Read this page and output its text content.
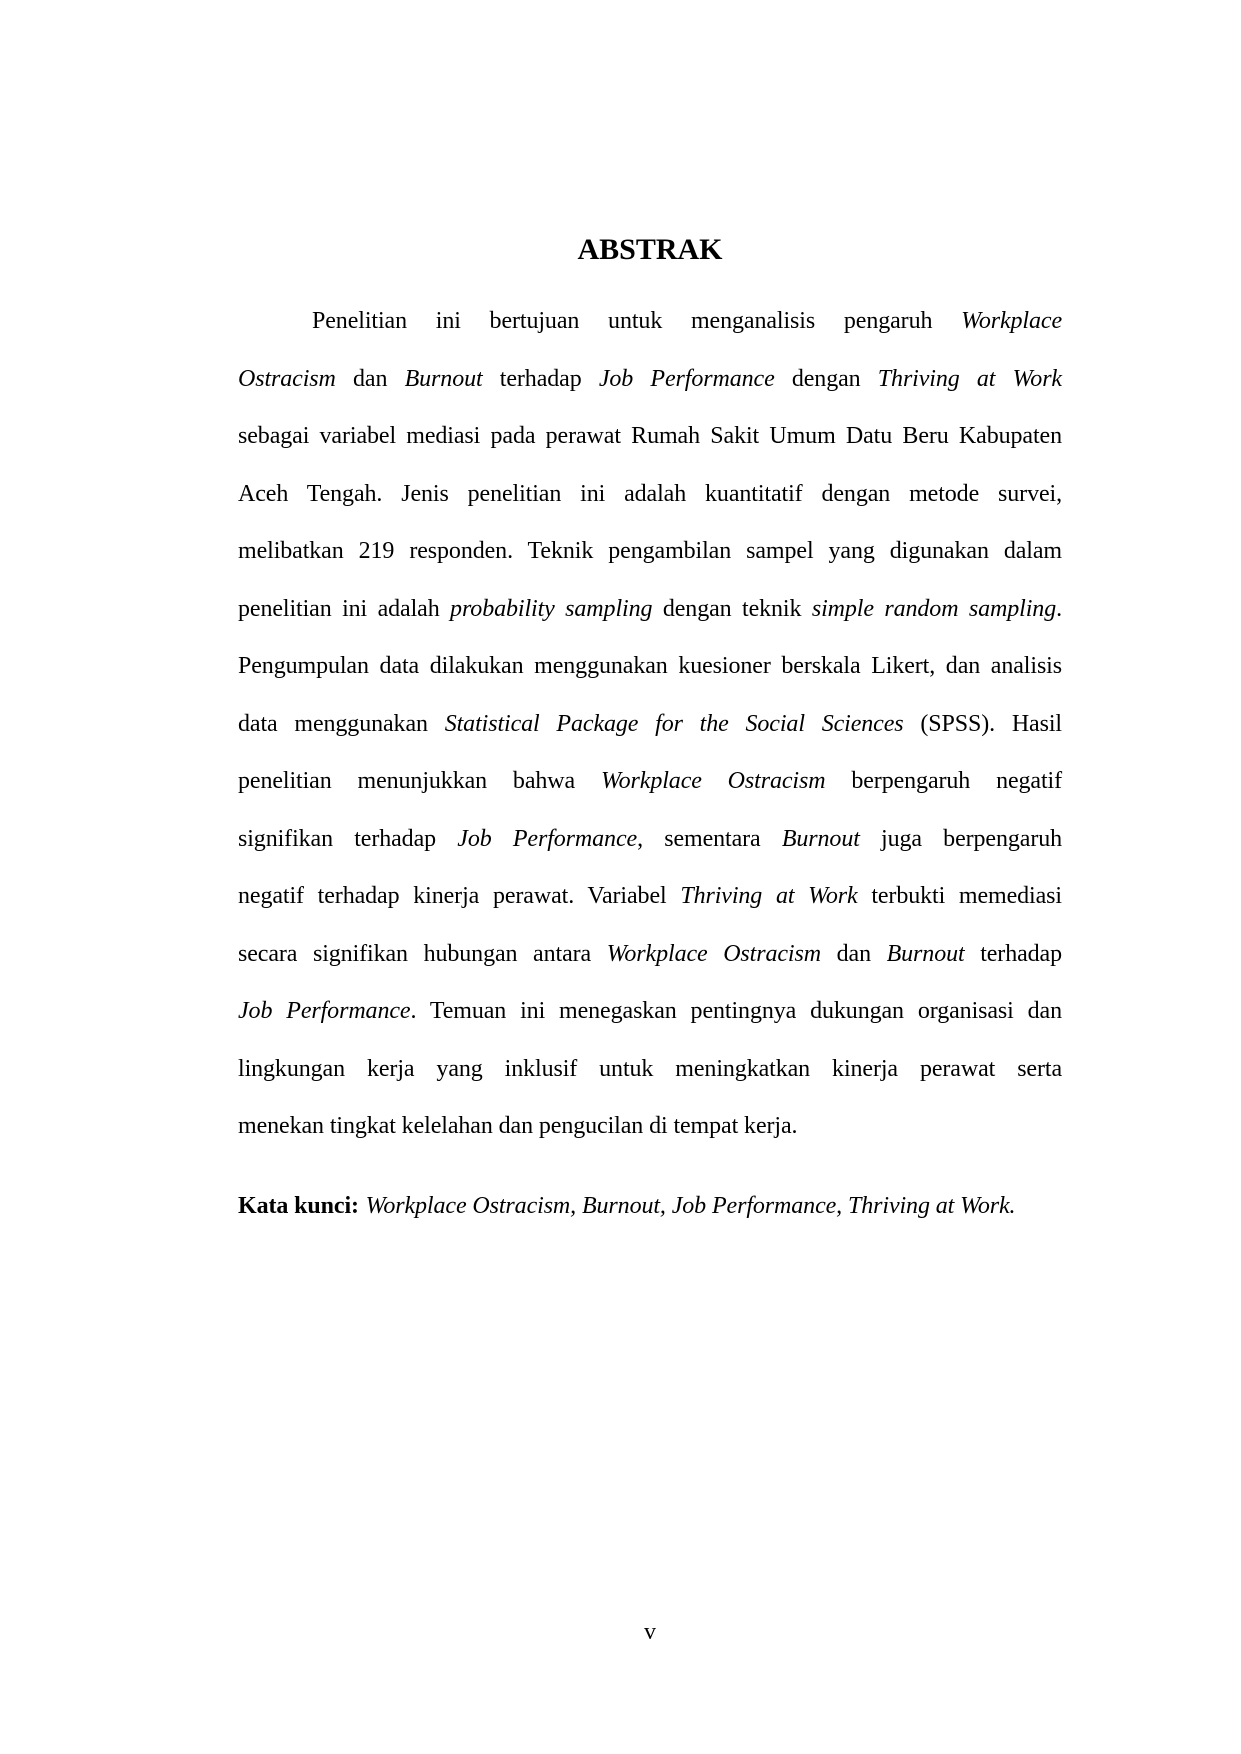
ABSTRAK
Penelitian ini bertujuan untuk menganalisis pengaruh Workplace
Ostracism dan Burnout terhadap Job Performance dengan Thriving at Work
sebagai variabel mediasi pada perawat Rumah Sakit Umum Datu Beru Kabupaten
Aceh Tengah. Jenis penelitian ini adalah kuantitatif dengan metode survei,
melibatkan 219 responden. Teknik pengambilan sampel yang digunakan dalam
penelitian ini adalah probability sampling dengan teknik simple random sampling.
Pengumpulan data dilakukan menggunakan kuesioner berskala Likert, dan analisis
data menggunakan Statistical Package for the Social Sciences (SPSS). Hasil
penelitian menunjukkan bahwa Workplace Ostracism berpengaruh negatif
signifikan terhadap Job Performance, sementara Burnout juga berpengaruh
negatif terhadap kinerja perawat. Variabel Thriving at Work terbukti memediasi
secara signifikan hubungan antara Workplace Ostracism dan Burnout terhadap
Job Performance. Temuan ini menegaskan pentingnya dukungan organisasi dan
lingkungan kerja yang inklusif untuk meningkatkan kinerja perawat serta
menekan tingkat kelelahan dan pengucilan di tempat kerja.

Kata kunci: Workplace Ostracism, Burnout, Job Performance, Thriving at Work.

v
